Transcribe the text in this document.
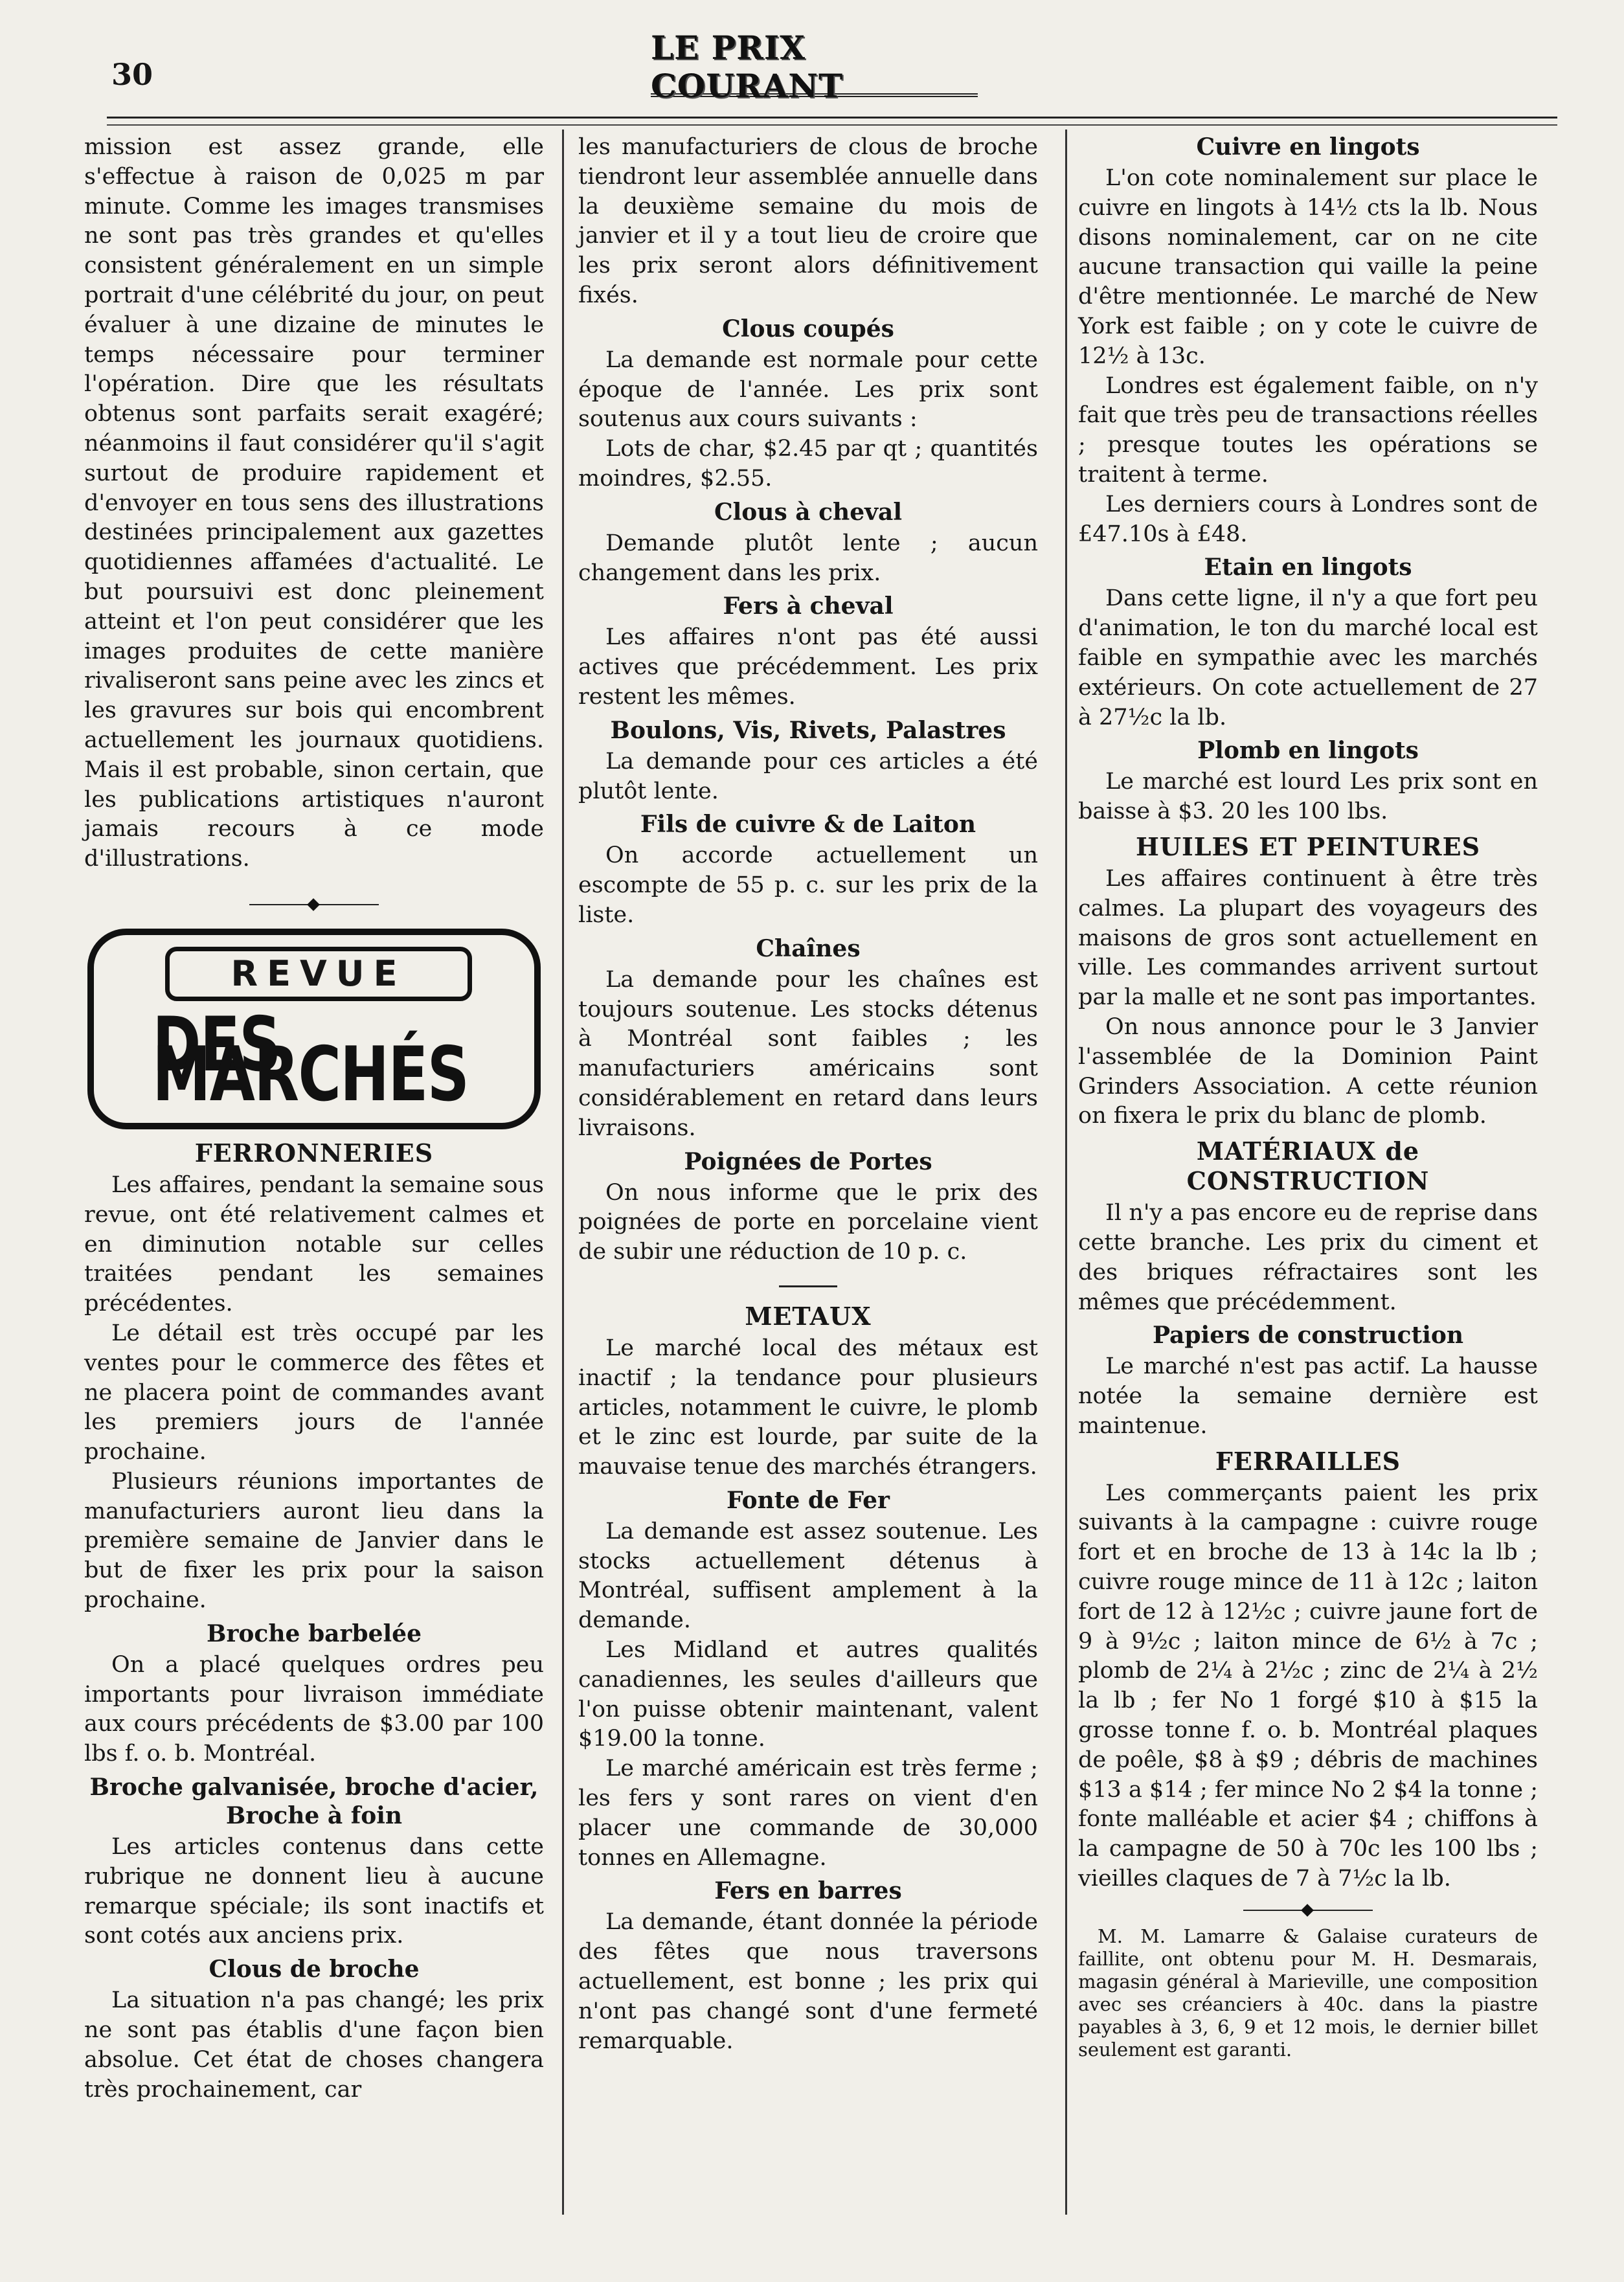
30
LE PRIX COURANT

mission est assez grande, elle s'effectue à raison de 0,025 m par minute. Comme les images transmises ne sont pas très grandes et qu'elles consistent généralement en un simple portrait d'une célébrité du jour, on peut évaluer à une dizaine de minutes le temps nécessaire pour terminer l'opération. Dire que les résultats obtenus sont parfaits serait exagéré; néanmoins il faut considérer qu'il s'agit surtout de produire rapidement et d'envoyer en tous sens des illustrations destinées principalement aux gazettes quotidiennes affamées d'actualité. Le but poursuivi est donc pleinement atteint et l'on peut considérer que les images produites de cette manière rivaliseront sans peine avec les zincs et les gravures sur bois qui encombrent actuellement les journaux quotidiens. Mais il est probable, sinon certain, que les publications artistiques n'auront jamais recours à ce mode d'illustrations.

REVUE
DES MARCHÉS
FERRONNERIES

Les affaires, pendant la semaine sous revue, ont été relativement calmes et en diminution notable sur celles traitées pendant les semaines précédentes.

Le détail est très occupé par les ventes pour le commerce des fêtes et ne placera point de commandes avant les premiers jours de l'année prochaine.

Plusieurs réunions importantes de manufacturiers auront lieu dans la première semaine de Janvier dans le but de fixer les prix pour la saison prochaine.

Broche barbelée

On a placé quelques ordres peu importants pour livraison immédiate aux cours précédents de $3.00 par 100 lbs f. o. b. Montréal.

Broche galvanisée, broche d'acier, Broche à foin

Les articles contenus dans cette rubrique ne donnent lieu à aucune remarque spéciale; ils sont inactifs et sont cotés aux anciens prix.

Clous de broche

La situation n'a pas changé; les prix ne sont pas établis d'une façon bien absolue. Cet état de choses changera très prochainement, car

les manufacturiers de clous de broche tiendront leur assemblée annuelle dans la deuxième semaine du mois de janvier et il y a tout lieu de croire que les prix seront alors définitivement fixés.

Clous coupés

La demande est normale pour cette époque de l'année. Les prix sont soutenus aux cours suivants :

Lots de char, $2.45 par qt ; quantités moindres, $2.55.

Clous à cheval

Demande plutôt lente ; aucun changement dans les prix.

Fers à cheval

Les affaires n'ont pas été aussi actives que précédemment. Les prix restent les mêmes.

Boulons, Vis, Rivets, Palastres

La demande pour ces articles a été plutôt lente.

Fils de cuivre & de Laiton

On accorde actuellement un escompte de 55 p. c. sur les prix de la liste.

Chaînes

La demande pour les chaînes est toujours soutenue. Les stocks détenus à Montréal sont faibles ; les manufacturiers américains sont considérablement en retard dans leurs livraisons.

Poignées de Portes

On nous informe que le prix des poignées de porte en porcelaine vient de subir une réduction de 10 p. c.

METAUX

Le marché local des métaux est inactif ; la tendance pour plusieurs articles, notamment le cuivre, le plomb et le zinc est lourde, par suite de la mauvaise tenue des marchés étrangers.

Fonte de Fer

La demande est assez soutenue. Les stocks actuellement détenus à Montréal, suffisent amplement à la demande.

Les Midland et autres qualités canadiennes, les seules d'ailleurs que l'on puisse obtenir maintenant, valent $19.00 la tonne.

Le marché américain est très ferme ; les fers y sont rares on vient d'en placer une commande de 30,000 tonnes en Allemagne.

Fers en barres

La demande, étant donnée la période des fêtes que nous traversons actuellement, est bonne ; les prix qui n'ont pas changé sont d'une fermeté remarquable.

Cuivre en lingots

L'on cote nominalement sur place le cuivre en lingots à 14½ cts la lb. Nous disons nominalement, car on ne cite aucune transaction qui vaille la peine d'être mentionnée. Le marché de New York est faible ; on y cote le cuivre de 12½ à 13c.

Londres est également faible, on n'y fait que très peu de transactions réelles ; presque toutes les opérations se traitent à terme.

Les derniers cours à Londres sont de £47.10s à £48.

Etain en lingots

Dans cette ligne, il n'y a que fort peu d'animation, le ton du marché local est faible en sympathie avec les marchés extérieurs. On cote actuellement de 27 à 27½c la lb.

Plomb en lingots

Le marché est lourd Les prix sont en baisse à $3. 20 les 100 lbs.

HUILES ET PEINTURES

Les affaires continuent à être très calmes. La plupart des voyageurs des maisons de gros sont actuellement en ville. Les commandes arrivent surtout par la malle et ne sont pas importantes.

On nous annonce pour le 3 Janvier l'assemblée de la Dominion Paint Grinders Association. A cette réunion on fixera le prix du blanc de plomb.

MATÉRIAUX de CONSTRUCTION

Il n'y a pas encore eu de reprise dans cette branche. Les prix du ciment et des briques réfractaires sont les mêmes que précédemment.

Papiers de construction

Le marché n'est pas actif. La hausse notée la semaine dernière est maintenue.

FERRAILLES

Les commerçants paient les prix suivants à la campagne : cuivre rouge fort et en broche de 13 à 14c la lb ; cuivre rouge mince de 11 à 12c ; laiton fort de 12 à 12½c ; cuivre jaune fort de 9 à 9½c ; laiton mince de 6½ à 7c ; plomb de 2¼ à 2½c ; zinc de 2¼ à 2½ la lb ; fer No 1 forgé $10 à $15 la grosse tonne f. o. b. Montréal plaques de poêle, $8 à $9 ; débris de machines $13 a $14 ; fer mince No 2 $4 la tonne ; fonte malléable et acier $4 ; chiffons à la campagne de 50 à 70c les 100 lbs ; vieilles claques de 7 à 7½c la lb.

M. M. Lamarre & Galaise curateurs de faillite, ont obtenu pour M. H. Desmarais, magasin général à Marieville, une composition avec ses créanciers à 40c. dans la piastre payables à 3, 6, 9 et 12 mois, le dernier billet seulement est garanti.
